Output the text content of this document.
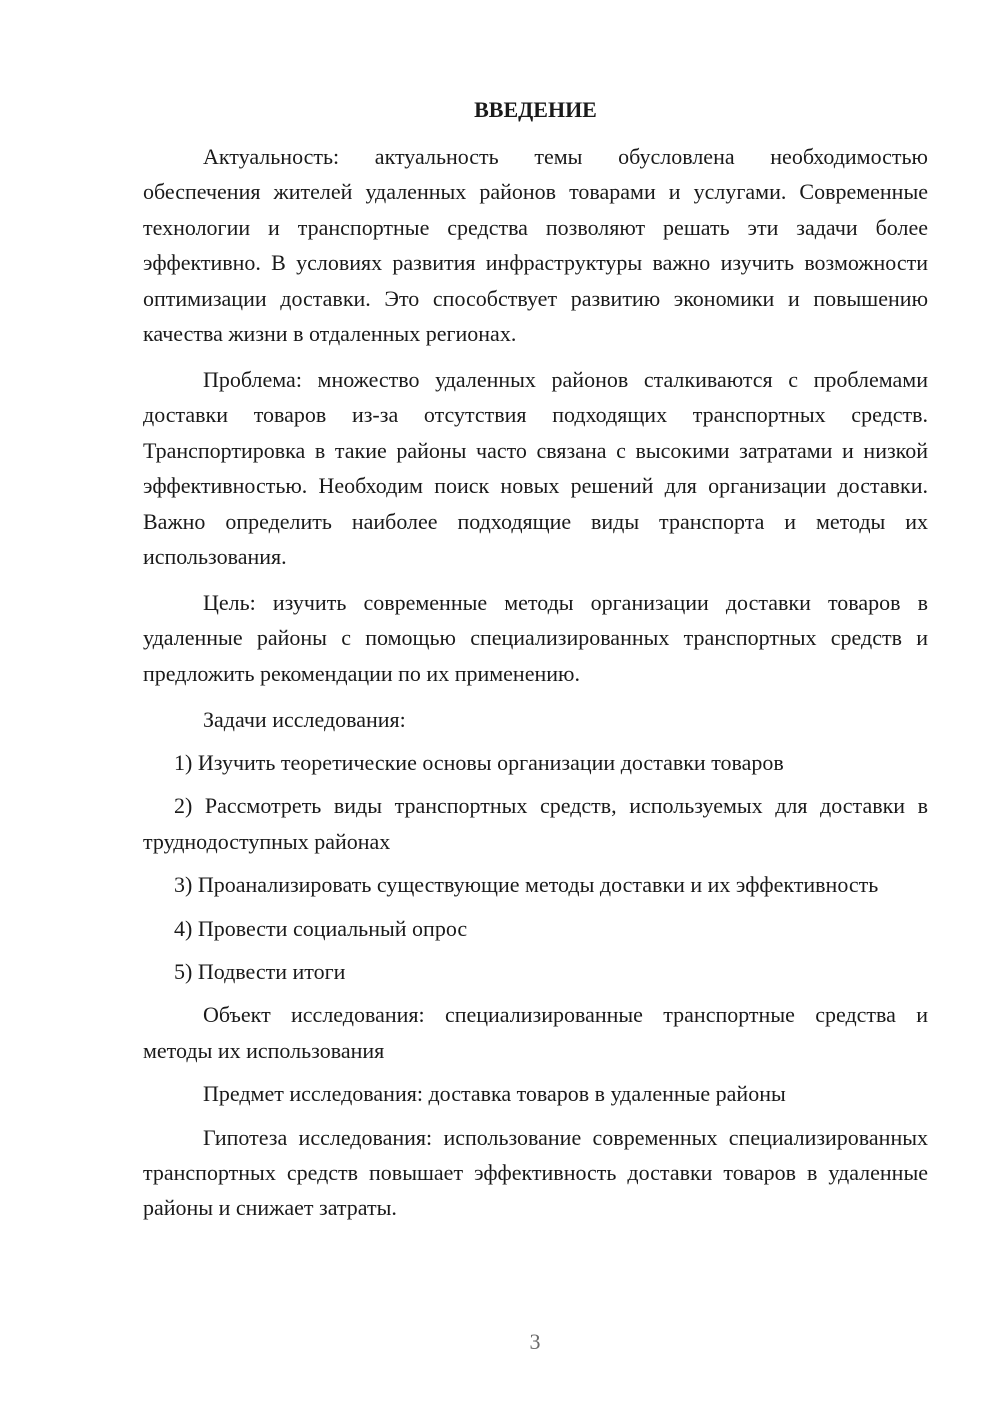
ВВЕДЕНИЕ

Актуальность: актуальность темы обусловлена необходимостью обеспечения жителей удаленных районов товарами и услугами. Современные технологии и транспортные средства позволяют решать эти задачи более эффективно. В условиях развития инфраструктуры важно изучить возможности оптимизации доставки. Это способствует развитию экономики и повышению качества жизни в отдаленных регионах.

Проблема: множество удаленных районов сталкиваются с проблемами доставки товаров из-за отсутствия подходящих транспортных средств. Транспортировка в такие районы часто связана с высокими затратами и низкой эффективностью. Необходим поиск новых решений для организации доставки. Важно определить наиболее подходящие виды транспорта и методы их использования.

Цель: изучить современные методы организации доставки товаров в удаленные районы с помощью специализированных транспортных средств и предложить рекомендации по их применению.

Задачи исследования:

1) Изучить теоретические основы организации доставки товаров

2) Рассмотреть виды транспортных средств, используемых для доставки в труднодоступных районах

3) Проанализировать существующие методы доставки и их эффективность

4) Провести социальный опрос

5) Подвести итоги

Объект исследования: специализированные транспортные средства и методы их использования

Предмет исследования: доставка товаров в удаленные районы

Гипотеза исследования: использование современных специализированных транспортных средств повышает эффективность доставки товаров в удаленные районы и снижает затраты.

3
